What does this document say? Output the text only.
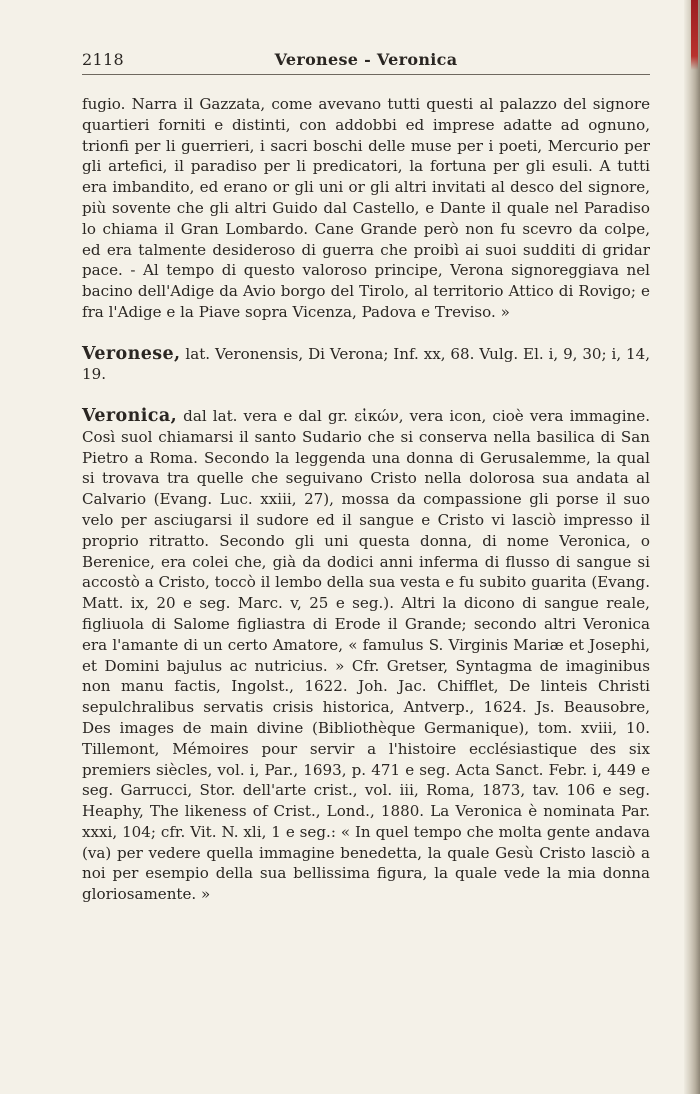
2118	Veronese - Veronica

fugio. Narra il Gazzata, come avevano tutti questi al palazzo del signore quartieri forniti e distinti, con addobbi ed imprese adatte ad ognuno, trionfi per li guerrieri, i sacri boschi delle muse per i poeti, Mercurio per gli artefici, il paradiso per li predicatori, la fortuna per gli esuli. A tutti era imbandito, ed erano or gli uni or gli altri invitati al desco del signore, più sovente che gli altri Guido dal Castello, e Dante il quale nel Paradiso lo chiama il Gran Lombardo. Cane Grande però non fu scevro da colpe, ed era talmente desideroso di guerra che proibì ai suoi sudditi di gridar pace. - Al tempo di questo valoroso principe, Verona signoreggiava nel bacino dell'Adige da Avio borgo del Tirolo, al territorio Attico di Rovigo; e fra l'Adige e la Piave sopra Vicenza, Padova e Treviso. »

Veronese, lat. Veronensis, Di Verona; Inf. xx, 68. Vulg. El. i, 9, 30; i, 14, 19.

Veronica, dal lat. vera e dal gr. εἰκών, vera icon, cioè vera immagine. Così suol chiamarsi il santo Sudario che si conserva nella basilica di San Pietro a Roma. Secondo la leggenda una donna di Gerusalemme, la qual si trovava tra quelle che seguivano Cristo nella dolorosa sua andata al Calvario (Evang. Luc. xxiii, 27), mossa da compassione gli porse il suo velo per asciugarsi il sudore ed il sangue e Cristo vi lasciò impresso il proprio ritratto. Secondo gli uni questa donna, di nome Veronica, o Berenice, era colei che, già da dodici anni inferma di flusso di sangue si accostò a Cristo, toccò il lembo della sua vesta e fu subito guarita (Evang. Matt. ix, 20 e seg. Marc. v, 25 e seg.). Altri la dicono di sangue reale, figliuola di Salome figliastra di Erode il Grande; secondo altri Veronica era l'amante di un certo Amatore, « famulus S. Virginis Mariæ et Josephi, et Domini bajulus ac nutricius. » Cfr. Gretser, Syntagma de imaginibus non manu factis, Ingolst., 1622. Joh. Jac. Chifflet, De linteis Christi sepulchralibus servatis crisis historica, Antverp., 1624. Js. Beausobre, Des images de main divine (Bibliothèque Germanique), tom. xviii, 10. Tillemont, Mémoires pour servir a l'histoire ecclésiastique des six premiers siècles, vol. i, Par., 1693, p. 471 e seg. Acta Sanct. Febr. i, 449 e seg. Garrucci, Stor. dell'arte crist., vol. iii, Roma, 1873, tav. 106 e seg. Heaphy, The likeness of Crist., Lond., 1880. La Veronica è nominata Par. xxxi, 104; cfr. Vit. N. xli, 1 e seg.: « In quel tempo che molta gente andava (va) per vedere quella immagine benedetta, la quale Gesù Cristo lasciò a noi per esempio della sua bellissima figura, la quale vede la mia donna gloriosamente. »
